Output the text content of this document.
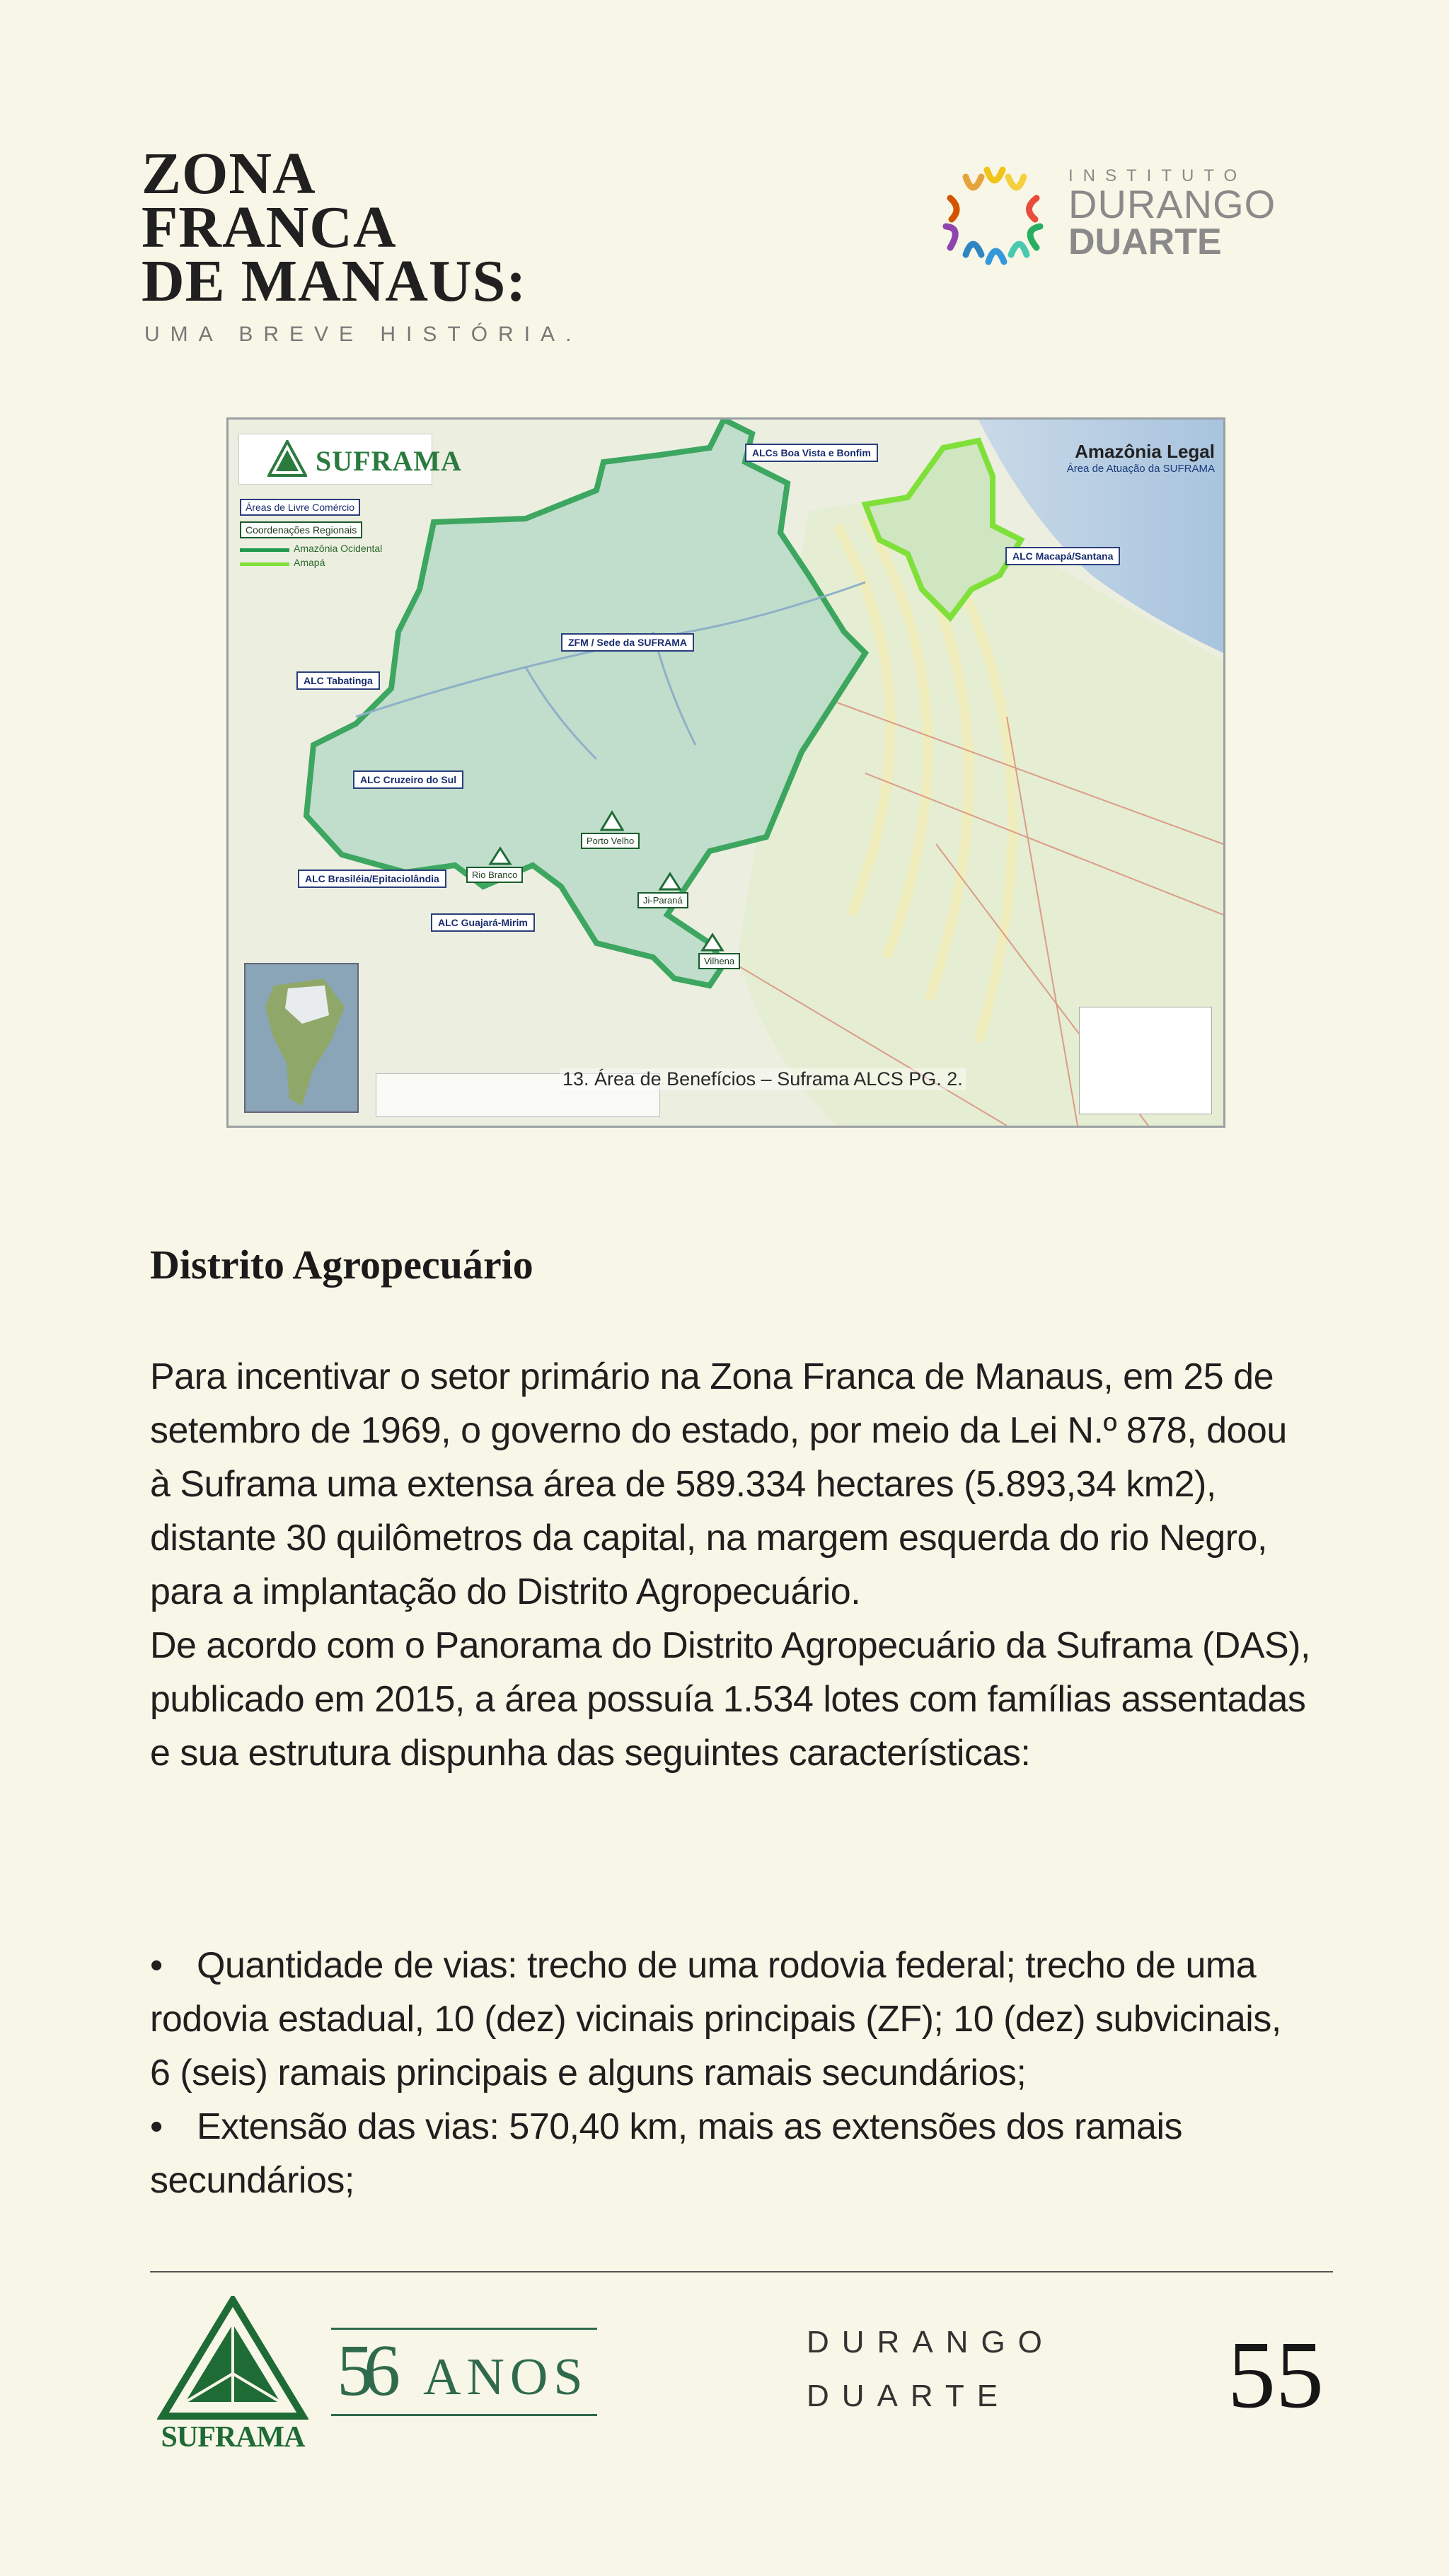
ZONA
FRANCA
DE MANAUS:
UMA BREVE HISTÓRIA.
INSTITUTO
DURANGO
DUARTE
SUFRAMA
Áreas de Livre Comércio
Coordenações Regionais
Amazônia Ocidental
Amapá
Amazônia Legal
Área de Atuação da SUFRAMA
ALCs Boa Vista e Bonfim
ALC Macapá/Santana
ZFM / Sede da SUFRAMA
ALC Tabatinga
ALC Cruzeiro do Sul
ALC Brasiléia/Epitaciolândia
ALC Guajará-Mirim
Porto Velho
Rio Branco
Ji-Paraná
Vilhena
13. Área de Benefícios – Suframa ALCS PG. 2.
Distrito Agropecuário

Para incentivar o setor primário na Zona Franca de Manaus, em 25 de setembro de 1969, o governo do estado, por meio da Lei N.º 878, doou à Suframa uma extensa área de 589.334 hectares (5.893,34 km2), distante 30 quilômetros da capital, na margem esquerda do rio Negro, para a implantação do Distrito Agropecuário.

De acordo com o Panorama do Distrito Agropecuário da Suframa (DAS), publicado em 2015, a área possuía 1.534 lotes com famílias assentadas e sua estrutura dispunha das seguintes características:

• Quantidade de vias: trecho de uma rodovia federal; trecho de uma rodovia estadual, 10 (dez) vicinais principais (ZF); 10 (dez) subvicinais, 6 (seis) ramais principais e alguns ramais secundários;

• Extensão das vias: 570,40 km, mais as extensões dos ramais secundários;

SUFRAMA
56 ANOS
DURANGO
DUARTE 55
